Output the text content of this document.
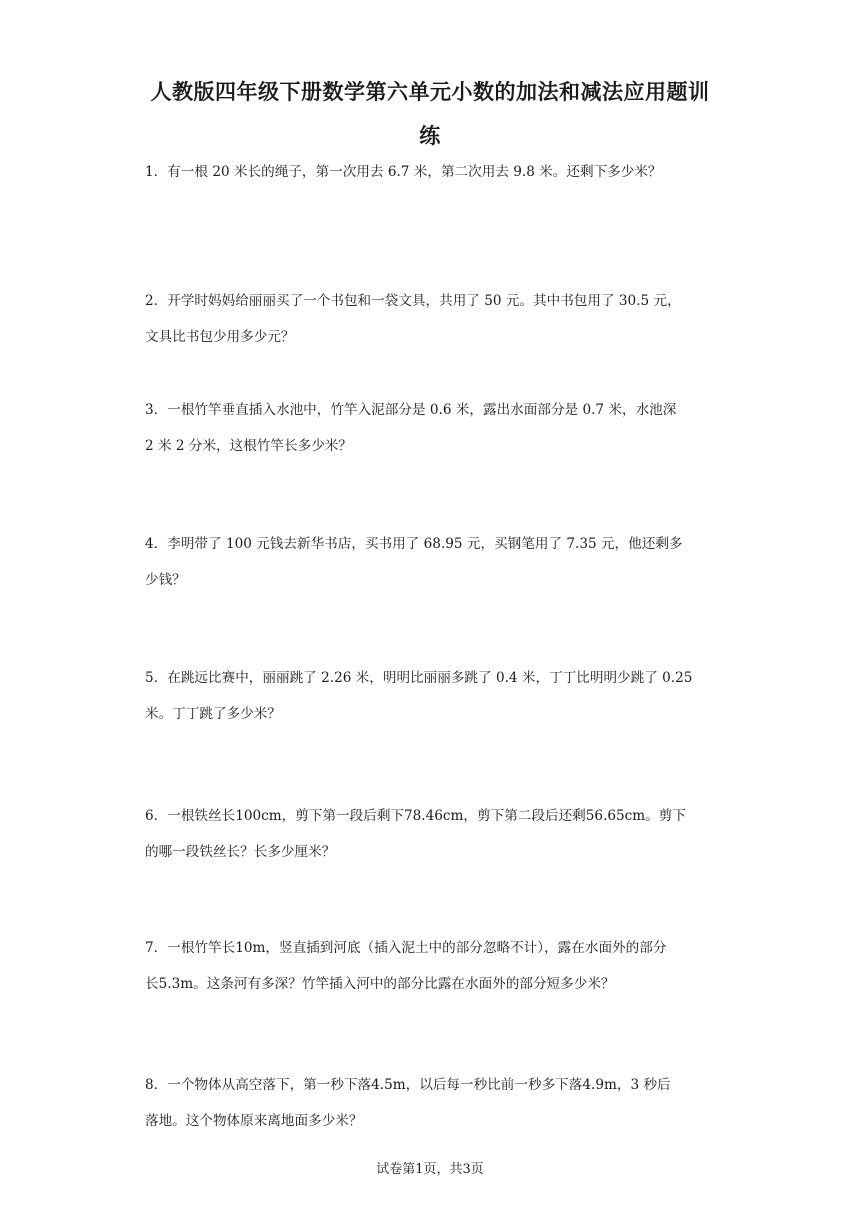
人教版四年级下册数学第六单元小数的加法和减法应用题训
练

1．有一根 20 米长的绳子，第一次用去 6.7 米，第二次用去 9.8 米。还剩下多少米？

2．开学时妈妈给丽丽买了一个书包和一袋文具，共用了 50 元。其中书包用了 30.5 元，

文具比书包少用多少元？

3．一根竹竿垂直插入水池中，竹竿入泥部分是 0.6 米，露出水面部分是 0.7 米，水池深

2 米 2 分米，这根竹竿长多少米？

4．李明带了 100 元钱去新华书店，买书用了 68.95 元，买钢笔用了 7.35 元，他还剩多

少钱？

5．在跳远比赛中，丽丽跳了 2.26 米，明明比丽丽多跳了 0.4 米，丁丁比明明少跳了 0.25

米。丁丁跳了多少米？

6．一根铁丝长100cm，剪下第一段后剩下78.46cm，剪下第二段后还剩56.65cm。剪下

的哪一段铁丝长？长多少厘米？

7．一根竹竿长10m，竖直插到河底（插入泥土中的部分忽略不计），露在水面外的部分

长5.3m。这条河有多深？竹竿插入河中的部分比露在水面外的部分短多少米？

8．一个物体从高空落下，第一秒下落4.5m，以后每一秒比前一秒多下落4.9m，3 秒后

落地。这个物体原来离地面多少米？

试卷第1页，共3页
